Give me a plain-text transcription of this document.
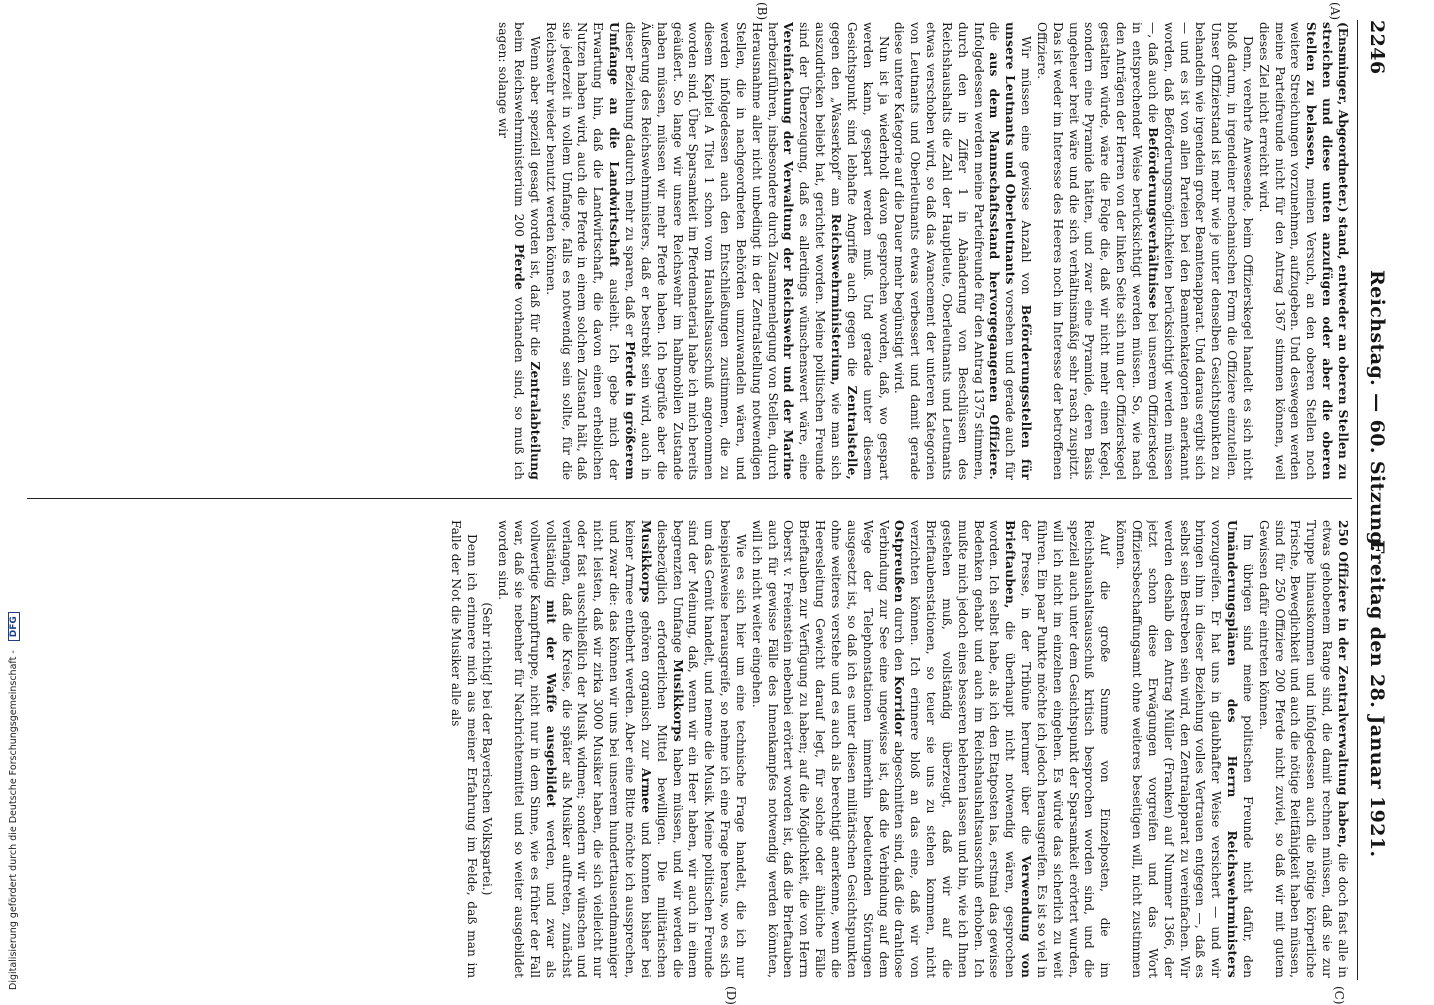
2246
Reichstag. — 60. Sitzung.
Freitag den 28. Januar 1921.
(A)
(B)
(C)
(D)

(Ensminger, Abgeordneter.) stand, entweder an oberen Stellen zu streichen und diese unten anzufügen oder aber die oberen Stellen zu belassen, meinen Versuch, an den oberen Stellen noch weitere Streichungen vorzunehmen, aufzugeben. Und deswegen werden meine Parteifreunde nicht für den Antrag 1367 stimmen können, weil dieses Ziel nicht erreicht wird.

Denn, verehrte Anwesende, beim Offizierskegel handelt es sich nicht bloß darum, in irgendeiner mechanischen Form die Offiziere einzuteilen. Unser Offizierstand ist mehr wie je unter denselben Gesichtspunkten zu behandeln wie irgendein großer Beamtenapparat. Und daraus ergibt sich — und es ist von allen Parteien bei den Beamtenkategorien anerkannt worden, daß Beförderungsmöglichkeiten berücksichtigt werden müssen —, daß auch die Beförderungsverhältnisse bei unserem Offizierskegel in entsprechender Weise berücksichtigt werden müssen. So, wie nach den Anträgen der Herren von der linken Seite sich nun der Offizierskegel gestalten würde, wäre die Folge die, daß wir nicht mehr einen Kegel, sondern eine Pyramide hätten, und zwar eine Pyramide, deren Basis ungeheuer breit wäre und die sich verhältnismäßig sehr rasch zuspitzt. Das ist weder im Interesse des Heeres noch im Interesse der betroffenen Offiziere.

Wir müssen eine gewisse Anzahl von Beförderungsstellen für unsere Leutnants und Oberleutnants vorsehen und gerade auch für die aus dem Mannschaftsstand hervorgegangenen Offiziere. Infolgedessen werden meine Parteifreunde für den Antrag 1375 stimmen, durch den in Ziffer 1 in Abänderung von Beschlüssen des Reichshaushalts die Zahl der Hauptleute, Oberleutnants und Leutnants etwas verschoben wird, so daß das Avancement der unteren Kategorien von Leutnants und Oberleutnants etwas verbessert und damit gerade diese untere Kategorie auf die Dauer mehr begünstigt wird.

Nun ist ja wiederholt davon gesprochen worden, daß, wo gespart werden kann, gespart werden muß. Und gerade unter diesem Gesichtspunkt sind lebhafte Angriffe auch gegen die Zentralstelle, gegen den „Wasserkopf“ am Reichswehrministerium, wie man sich auszudrücken beliebt hat, gerichtet worden. Meine politischen Freunde sind der Überzeugung, daß es allerdings wünschenswert wäre, eine Vereinfachung der Verwaltung der Reichswehr und der Marine herbeizuführen, insbesondere durch Zusammenlegung von Stellen, durch Herausnahme aller nicht unbedingt in der Zentralstellung notwendigen Stellen, die in nachgeordneten Behörden umzuwandeln wären, und werden infolgedessen auch den Entschließungen zustimmen, die zu diesem Kapitel A Titel 1 schon vom Haushaltsausschuß angenommen worden sind. Über Sparsamkeit im Pferdematerial habe ich mich bereits geäußert. So lange wir unsere Reichswehr im halbmobilen Zustande haben müssen, müssen wir mehr Pferde haben. Ich begrüße aber die Äußerung des Reichswehrministers, daß er bestrebt sein wird, auch in dieser Beziehung dadurch mehr zu sparen, daß er Pferde in größerem Umfange an die Landwirtschaft ausleiht. Ich gebe mich der Erwartung hin, daß die Landwirtschaft, die davon einen erheblichen Nutzen haben wird, auch die Pferde in einem solchen Zustand hält, daß sie jederzeit in vollem Umfange, falls es notwendig sein sollte, für die Reichswehr wieder benutzt werden können.

Wenn aber speziell gesagt worden ist, daß für die Zentralabteilung beim Reichswehrministerium 200 Pferde vorhanden sind, so muß ich sagen: solange wir

250 Offiziere in der Zentralverwaltung haben, die doch fast alle in etwas gehobenem Range sind, die damit rechnen müssen, daß sie zur Truppe hinauskommen und infolgedessen auch die nötige körperliche Frische, Beweglichkeit und auch die nötige Reitfähigkeit haben müssen, sind für 250 Offiziere 200 Pferde nicht zuviel, so daß wir mit gutem Gewissen dafür eintreten können.

Im übrigen sind meine politischen Freunde nicht dafür, den Umänderungsplänen des Herrn Reichswehrministers vorzugreifen. Er hat uns in glaubhafter Weise versichert — und wir bringen ihm in dieser Beziehung volles Vertrauen entgegen —, daß es selbst sein Bestreben sein wird, den Zentralapparat zu vereinfachen. Wir werden deshalb den Antrag Müller (Franken) auf Nummer 1366, der jetzt schon diese Erwägungen vorgreifen und das Wort Offiziersbeschaffungsamt ohne weiteres beseitigen will, nicht zustimmen können.

Auf die große Summe von Einzelposten, die im Reichshaushaltsausschuß kritisch besprochen worden sind, und die speziell auch unter dem Gesichtspunkt der Sparsamkeit erörtert wurden, will ich nicht im einzelnen eingehen. Es würde das sicherlich zu weit führen. Ein paar Punkte möchte ich jedoch herausgreifen. Es ist so viel in der Presse, in der Tribüne herumer über die Verwendung von Brieftauben, die überhaupt nicht notwendig wären, gesprochen worden. Ich selbst habe, als ich den Etatposten las, erstmal das gewisse Bedenken gehabt und auch im Reichshaushaltsausschuß erhoben. Ich mußte mich jedoch eines besseren belehren lassen und bin, wie ich Ihnen gestehen muß, vollständig überzeugt, daß wir auf die Brieftaubenstationen, so teuer sie uns zu stehen kommen, nicht verzichten können. Ich erinnere bloß an das eine, daß wir von Ostpreußen durch den Korridor abgeschnitten sind, daß die drahtlose Verbindung zur See eine ungewisse ist, daß die Verbindung auf dem Wege der Telephonstationen immerhin bedeutenden Störungen ausgesetzt ist, so daß ich es unter diesen militärischen Gesichtspunkten ohne weiteres verstehe und es auch als berechtigt anerkenne, wenn die Heeresleitung Gewicht darauf legt, für solche oder ähnliche Fälle Brieftauben zur Verfügung zu haben; auf die Möglichkeit, die von Herrn Oberst v. Freienstein nebenbei erörtert worden ist, daß die Brieftauben auch für gewisse Fälle des Innenkampfes notwendig werden könnten, will ich nicht weiter eingehen.

Wie es sich hier um eine technische Frage handelt, die ich nur beispielsweise herausgreife, so nehme ich eine Frage heraus, wo es sich um das Gemüt handelt, und nenne die Musik. Meine politischen Freunde sind der Meinung, daß, wenn wir ein Heer haben, wir auch in einem begrenzten Umfange Musikkorps haben müssen, und wir werden die diesbezüglich erforderlichen Mittel bewilligen. Die militärischen Musikkorps gehören organisch zur Armee und konnten bisher bei keiner Armee entbehrt werden. Aber eine Bitte möchte ich aussprechen, und zwar die: das können wir uns bei unserem hunderttausendmanniger nicht leisten, daß wir zirka 3000 Musiker haben, die sich vielleicht nur oder fast ausschließlich der Musik widmen; sondern wir wünschen und verlangen, daß die Kreise, die später als Musiker auftreten, zunächst vollständig mit der Waffe ausgebildet werden, und zwar als vollwertige Kampftruppe, nicht nur in dem Sinne, wie es früher der Fall war, daß sie nebenher für Nachrichtenmittel und so weiter ausgebildet worden sind.

(Sehr richtig! bei der Bayerischen Volkspartei.)

Denn ich erinnere mich aus meiner Erfahrung im Felde, daß man im Falle der Not die Musiker alle als

Digitalisierung gefördert durch die Deutsche Forschungsgemeinschaft - DFG
